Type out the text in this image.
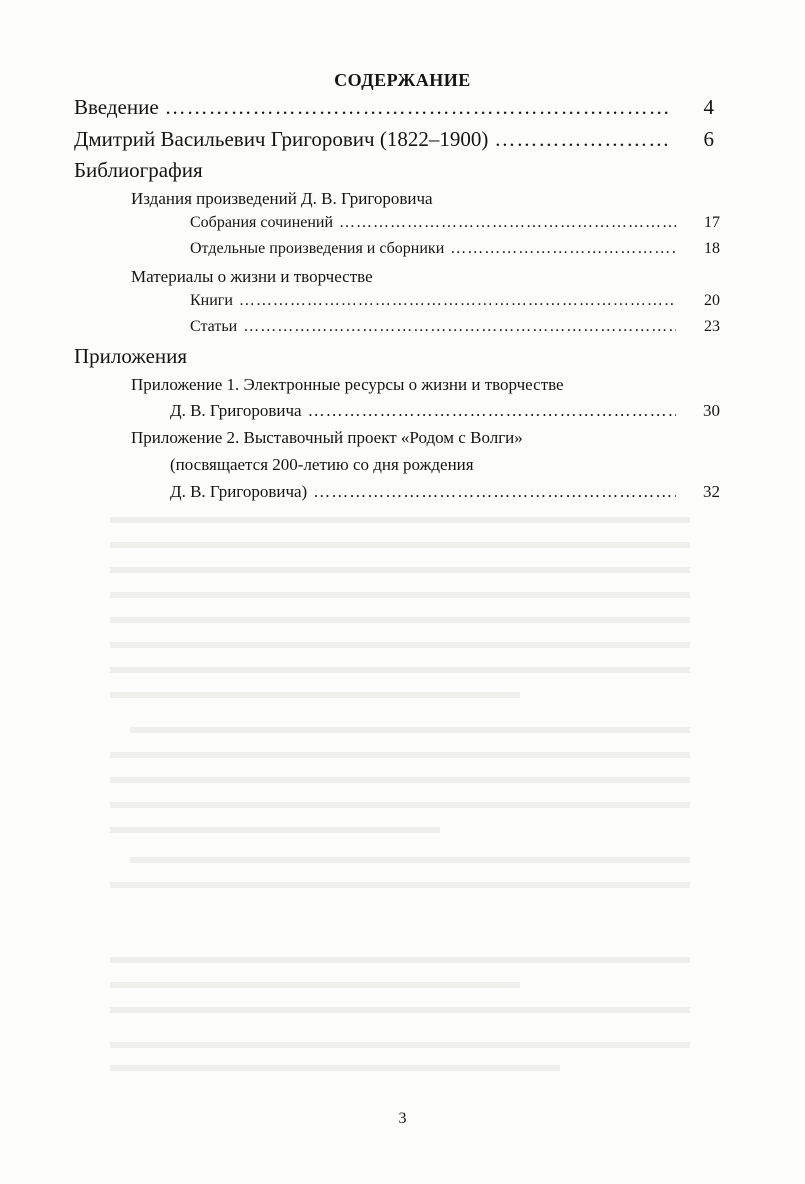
СОДЕРЖАНИЕ
Введение ……………………………………………………………………………………………………………………………………………	4
Дмитрий Васильевич Григорович (1822–1900) ……………………………………………………………………………………………………………………………………………	6
Библиография
Издания произведений Д. В. Григоровича
Собрания сочинений ……………………………………………………………………………………………………………………………………………	17
Отдельные произведения и сборники ……………………………………………………………………………………………………………………………………………	18
Материалы о жизни и творчестве
Книги ……………………………………………………………………………………………………………………………………………	20
Статьи ……………………………………………………………………………………………………………………………………………	23
Приложения
Приложение 1. Электронные ресурсы о жизни и творчестве
Д. В. Григоровича ……………………………………………………………………………………………………………………………………………	30
Приложение 2. Выставочный проект «Родом с Волги»
(посвящается 200-летию со дня рождения
Д. В. Григоровича) ……………………………………………………………………………………………………………………………………………	32
3
